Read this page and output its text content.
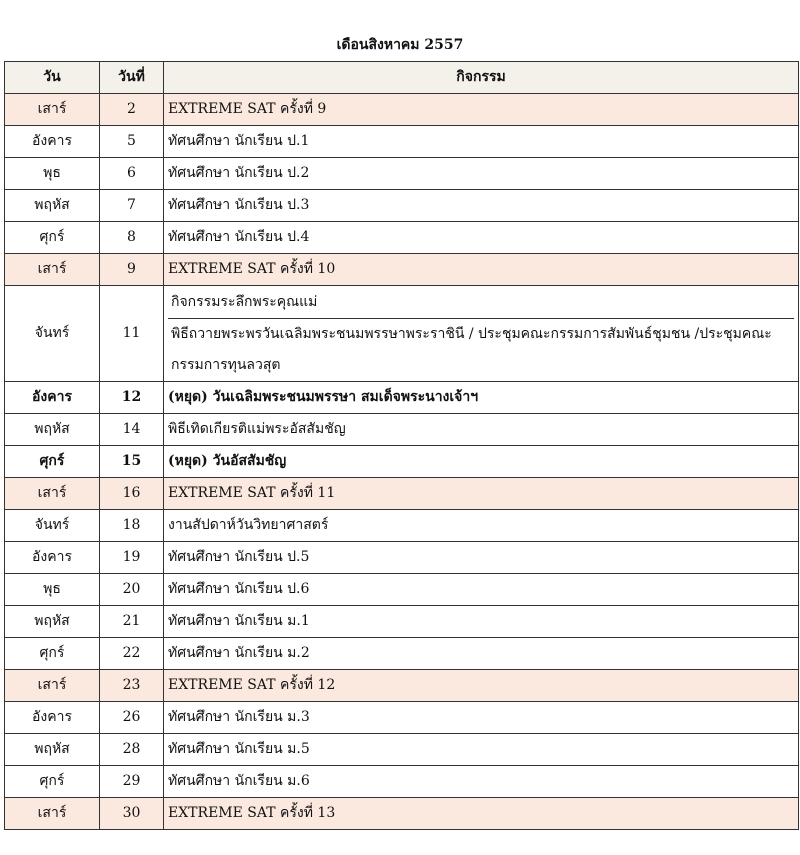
เดือนสิงหาคม 2557
วัน	วันที่	กิจกรรม
เสาร์	2	EXTREME SAT ครั้งที่ 9
อังคาร	5	ทัศนศึกษา นักเรียน ป.1
พุธ	6	ทัศนศึกษา นักเรียน ป.2
พฤหัส	7	ทัศนศึกษา นักเรียน ป.3
ศุกร์	8	ทัศนศึกษา นักเรียน ป.4
เสาร์	9	EXTREME SAT ครั้งที่ 10
จันทร์	11	กิจกรรมระลึกพระคุณแม่
พิธีถวายพระพรวันเฉลิมพระชนมพรรษาพระราชินี / ประชุมคณะกรรมการสัมพันธ์ชุมชน /ประชุมคณะกรรมการทุนลวสุต

อังคาร	12	(หยุด) วันเฉลิมพระชนมพรรษา สมเด็จพระนางเจ้าฯ
พฤหัส	14	พิธีเทิดเกียรติแม่พระอัสสัมชัญ
ศุกร์	15	(หยุด) วันอัสสัมชัญ
เสาร์	16	EXTREME SAT ครั้งที่ 11
จันทร์	18	งานสัปดาห์วันวิทยาศาสตร์
อังคาร	19	ทัศนศึกษา นักเรียน ป.5
พุธ	20	ทัศนศึกษา นักเรียน ป.6
พฤหัส	21	ทัศนศึกษา นักเรียน ม.1
ศุกร์	22	ทัศนศึกษา นักเรียน ม.2
เสาร์	23	EXTREME SAT ครั้งที่ 12
อังคาร	26	ทัศนศึกษา นักเรียน ม.3
พฤหัส	28	ทัศนศึกษา นักเรียน ม.5
ศุกร์	29	ทัศนศึกษา นักเรียน ม.6
เสาร์	30	EXTREME SAT ครั้งที่ 13
